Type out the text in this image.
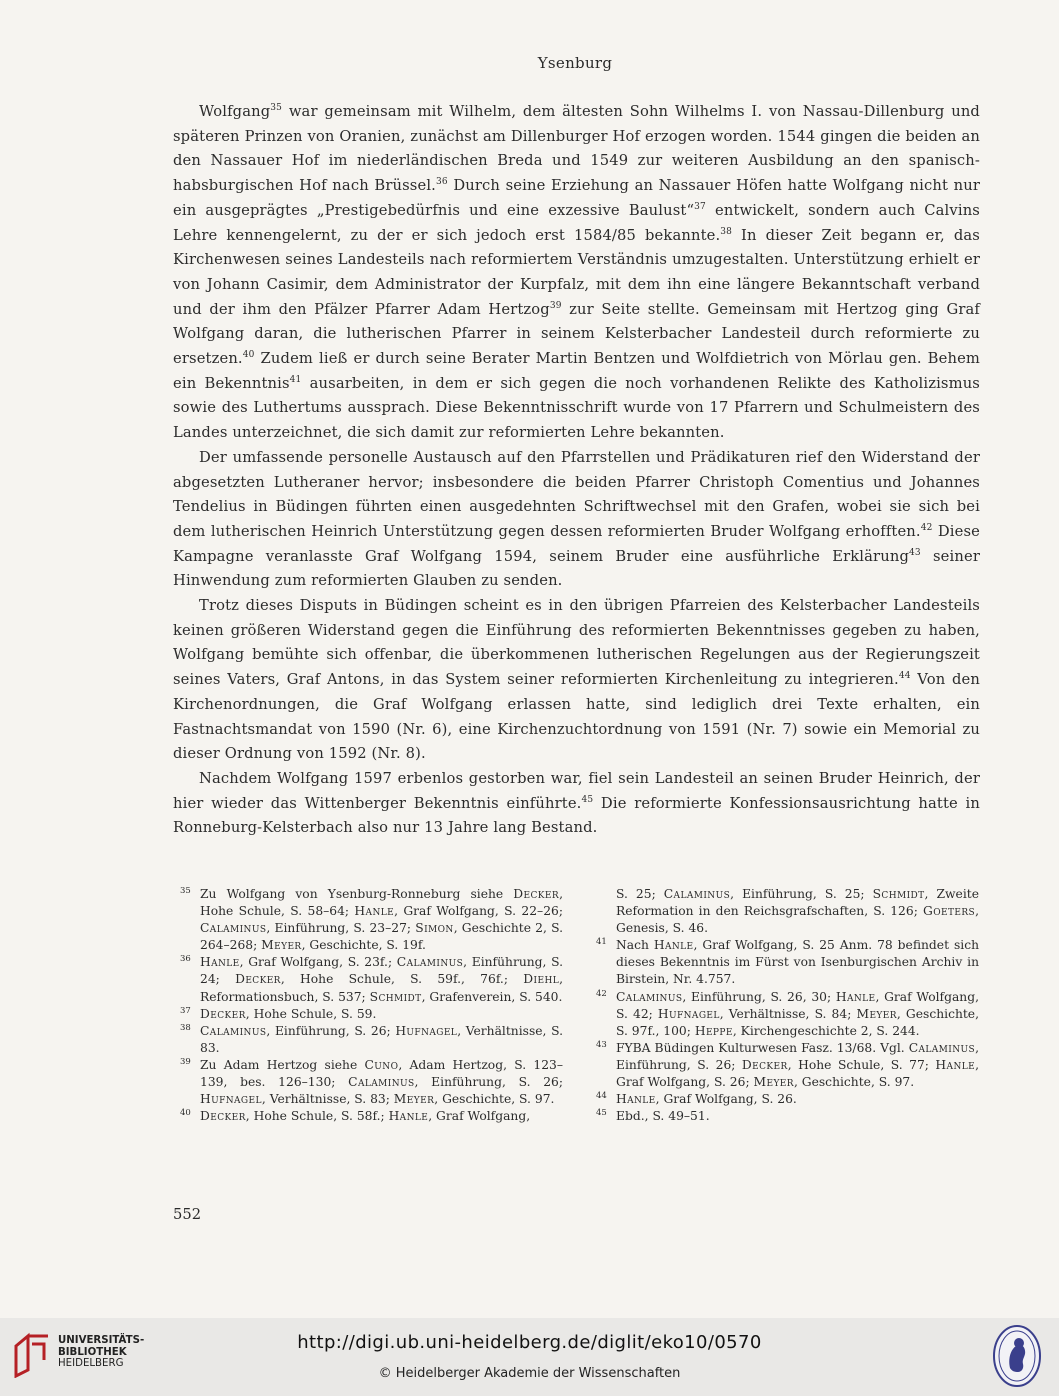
Ysenburg

Wolfgang$^{35}$ war gemeinsam mit Wilhelm, dem ältesten Sohn Wilhelms I. von Nassau-Dillenburg und späteren Prinzen von Oranien, zunächst am Dillenburger Hof erzogen worden. 1544 gingen die beiden an den Nassauer Hof im niederländischen Breda und 1549 zur weiteren Ausbildung an den spanisch-habsburgischen Hof nach Brüssel.$^{36}$ Durch seine Erziehung an Nassauer Höfen hatte Wolfgang nicht nur ein ausgeprägtes „Prestigebedürfnis und eine exzessive Baulust“$^{37}$ entwickelt, sondern auch Calvins Lehre kennengelernt, zu der er sich jedoch erst 1584/85 bekannte.$^{38}$ In dieser Zeit begann er, das Kirchenwesen seines Landesteils nach reformiertem Verständnis umzugestalten. Unterstützung erhielt er von Johann Casimir, dem Administrator der Kurpfalz, mit dem ihn eine längere Bekanntschaft verband und der ihm den Pfälzer Pfarrer Adam Hertzog$^{39}$ zur Seite stellte. Gemeinsam mit Hertzog ging Graf Wolfgang daran, die lutherischen Pfarrer in seinem Kelsterbacher Landesteil durch reformierte zu ersetzen.$^{40}$ Zudem ließ er durch seine Berater Martin Bentzen und Wolfdietrich von Mörlau gen. Behem ein Bekenntnis$^{41}$ ausarbeiten, in dem er sich gegen die noch vorhandenen Relikte des Katholizismus sowie des Luthertums aussprach. Diese Bekenntnisschrift wurde von 17 Pfarrern und Schulmeistern des Landes unterzeichnet, die sich damit zur reformierten Lehre bekannten.

Der umfassende personelle Austausch auf den Pfarrstellen und Prädikaturen rief den Widerstand der abgesetzten Lutheraner hervor; insbesondere die beiden Pfarrer Christoph Comentius und Johannes Tendelius in Büdingen führten einen ausgedehnten Schriftwechsel mit den Grafen, wobei sie sich bei dem lutherischen Heinrich Unterstützung gegen dessen reformierten Bruder Wolfgang erhofften.$^{42}$ Diese Kampagne veranlasste Graf Wolfgang 1594, seinem Bruder eine ausführliche Erklärung$^{43}$ seiner Hinwendung zum reformierten Glauben zu senden.

Trotz dieses Disputs in Büdingen scheint es in den übrigen Pfarreien des Kelsterbacher Landesteils keinen größeren Widerstand gegen die Einführung des reformierten Bekenntnisses gegeben zu haben, Wolfgang bemühte sich offenbar, die überkommenen lutherischen Regelungen aus der Regierungszeit seines Vaters, Graf Antons, in das System seiner reformierten Kirchenleitung zu integrieren.$^{44}$ Von den Kirchenordnungen, die Graf Wolfgang erlassen hatte, sind lediglich drei Texte erhalten, ein Fastnachtsmandat von 1590 (Nr. 6), eine Kirchenzuchtordnung von 1591 (Nr. 7) sowie ein Memorial zu dieser Ordnung von 1592 (Nr. 8).

Nachdem Wolfgang 1597 erbenlos gestorben war, fiel sein Landesteil an seinen Bruder Heinrich, der hier wieder das Wittenberger Bekenntnis einführte.$^{45}$ Die reformierte Konfessionsausrichtung hatte in Ronneburg-Kelsterbach also nur 13 Jahre lang Bestand.

35 Zu Wolfgang von Ysenburg-Ronneburg siehe Decker, Hohe Schule, S. 58–64; Hanle, Graf Wolfgang, S. 22–26; Calaminus, Einführung, S. 23–27; Simon, Geschichte 2, S. 264–268; Meyer, Geschichte, S. 19f.
36 Hanle, Graf Wolfgang, S. 23f.; Calaminus, Einführung, S. 24; Decker, Hohe Schule, S. 59f., 76f.; Diehl, Reformationsbuch, S. 537; Schmidt, Grafenverein, S. 540.
37 Decker, Hohe Schule, S. 59.
38 Calaminus, Einführung, S. 26; Hufnagel, Verhältnisse, S. 83.
39 Zu Adam Hertzog siehe Cuno, Adam Hertzog, S. 123–139, bes. 126–130; Calaminus, Einführung, S. 26; Hufnagel, Verhältnisse, S. 83; Meyer, Geschichte, S. 97.
40 Decker, Hohe Schule, S. 58f.; Hanle, Graf Wolfgang,
S. 25; Calaminus, Einführung, S. 25; Schmidt, Zweite Reformation in den Reichsgrafschaften, S. 126; Goeters, Genesis, S. 46.
41 Nach Hanle, Graf Wolfgang, S. 25 Anm. 78 befindet sich dieses Bekenntnis im Fürst von Isenburgischen Archiv in Birstein, Nr. 4.757.
42 Calaminus, Einführung, S. 26, 30; Hanle, Graf Wolfgang, S. 42; Hufnagel, Verhältnisse, S. 84; Meyer, Geschichte, S. 97f., 100; Heppe, Kirchengeschichte 2, S. 244.
43 FYBA Büdingen Kulturwesen Fasz. 13/68. Vgl. Calaminus, Einführung, S. 26; Decker, Hohe Schule, S. 77; Hanle, Graf Wolfgang, S. 26; Meyer, Geschichte, S. 97.
44 Hanle, Graf Wolfgang, S. 26.
45 Ebd., S. 49–51.
552
UNIVERSITÄTS-
BIBLIOTHEK
HEIDELBERG
http://digi.ub.uni-heidelberg.de/diglit/eko10/0570
© Heidelberger Akademie der Wissenschaften
